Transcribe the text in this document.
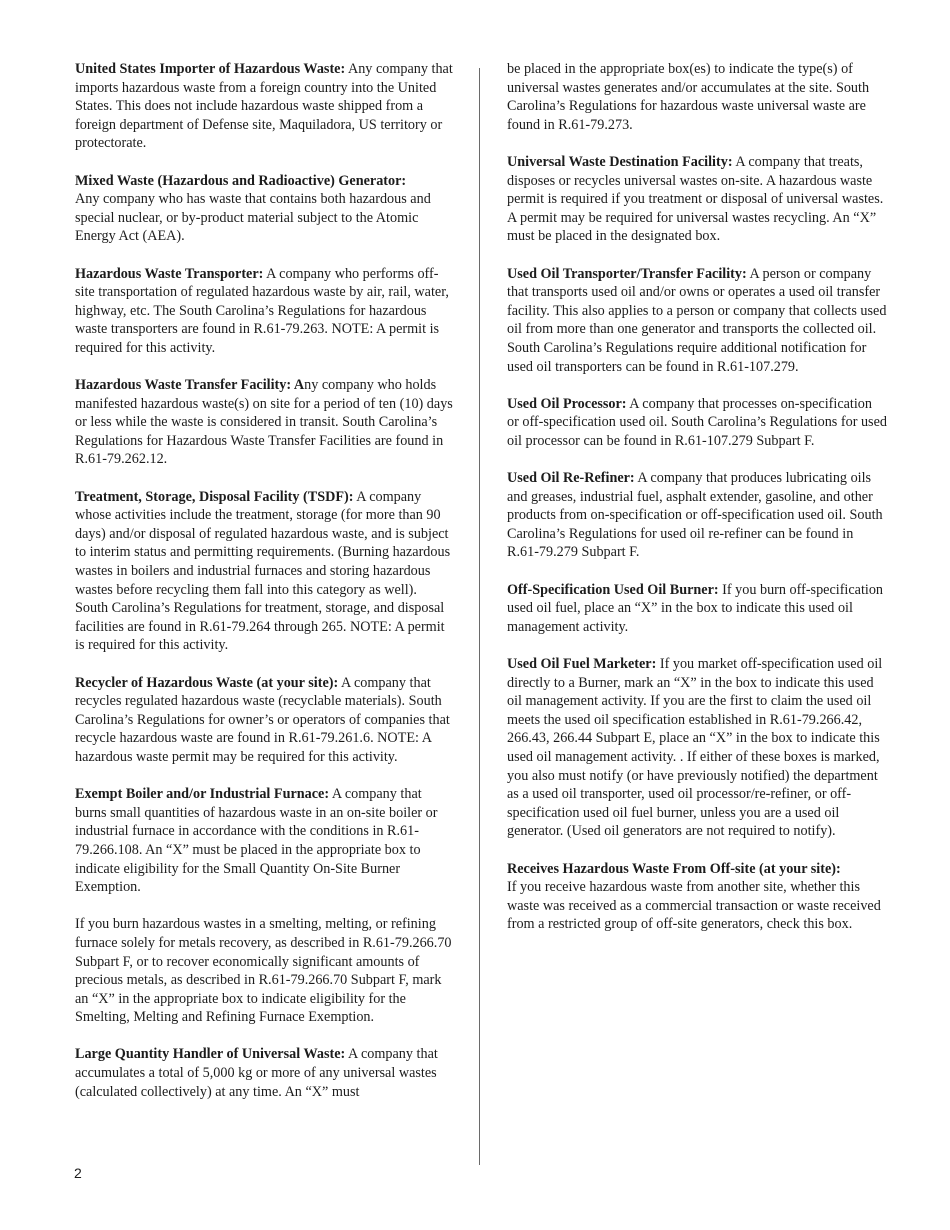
United States Importer of Hazardous Waste: Any company that imports hazardous waste from a foreign country into the United States. This does not include hazardous waste shipped from a foreign department of Defense site, Maquiladora, US territory or protectorate.

Mixed Waste (Hazardous and Radioactive) Generator:
Any company who has waste that contains both hazardous and special nuclear, or by-product material subject to the Atomic Energy Act (AEA).

Hazardous Waste Transporter: A company who performs off-site transportation of regulated hazardous waste by air, rail, water, highway, etc. The South Carolina’s Regulations for hazardous waste transporters are found in R.61-79.263. NOTE: A permit is required for this activity.

Hazardous Waste Transfer Facility: Any company who holds manifested hazardous waste(s) on site for a period of ten (10) days or less while the waste is considered in transit. South Carolina’s Regulations for Hazardous Waste Transfer Facilities are found in R.61-79.262.12.

Treatment, Storage, Disposal Facility (TSDF): A company whose activities include the treatment, storage (for more than 90 days) and/or disposal of regulated hazardous waste, and is subject to interim status and permitting requirements. (Burning hazardous wastes in boilers and industrial furnaces and storing hazardous wastes before recycling them fall into this category as well). South Carolina’s Regulations for treatment, storage, and disposal facilities are found in R.61-79.264 through 265. NOTE: A permit is required for this activity.

Recycler of Hazardous Waste (at your site): A company that recycles regulated hazardous waste (recyclable materials). South Carolina’s Regulations for owner’s or operators of companies that recycle hazardous waste are found in R.61-79.261.6. NOTE: A hazardous waste permit may be required for this activity.

Exempt Boiler and/or Industrial Furnace: A company that burns small quantities of hazardous waste in an on-site boiler or industrial furnace in accordance with the conditions in R.61-79.266.108. An “X” must be placed in the appropriate box to indicate eligibility for the Small Quantity On-Site Burner Exemption.

If you burn hazardous wastes in a smelting, melting, or refining furnace solely for metals recovery, as described in R.61-79.266.70 Subpart F, or to recover economically significant amounts of precious metals, as described in R.61-79.266.70 Subpart F, mark an “X” in the appropriate box to indicate eligibility for the Smelting, Melting and Refining Furnace Exemption.

Large Quantity Handler of Universal Waste: A company that accumulates a total of 5,000 kg or more of any universal wastes (calculated collectively) at any time. An “X” must

be placed in the appropriate box(es) to indicate the type(s) of universal wastes generates and/or accumulates at the site. South Carolina’s Regulations for hazardous waste universal waste are found in R.61-79.273.

Universal Waste Destination Facility: A company that treats, disposes or recycles universal wastes on-site. A hazardous waste permit is required if you treatment or disposal of universal wastes. A permit may be required for universal wastes recycling. An “X” must be placed in the designated box.

Used Oil Transporter/Transfer Facility: A person or company that transports used oil and/or owns or operates a used oil transfer facility. This also applies to a person or company that collects used oil from more than one generator and transports the collected oil. South Carolina’s Regulations require additional notification for used oil transporters can be found in R.61-107.279.

Used Oil Processor: A company that processes on-specification or off-specification used oil. South Carolina’s Regulations for used oil processor can be found in R.61-107.279 Subpart F.

Used Oil Re-Refiner: A company that produces lubricating oils and greases, industrial fuel, asphalt extender, gasoline, and other products from on-specification or off-specification used oil. South Carolina’s Regulations for used oil re-refiner can be found in R.61-79.279 Subpart F.

Off-Specification Used Oil Burner: If you burn off-specification used oil fuel, place an “X” in the box to indicate this used oil management activity.

Used Oil Fuel Marketer: If you market off-specification used oil directly to a Burner, mark an “X” in the box to indicate this used oil management activity. If you are the first to claim the used oil meets the used oil specification established in R.61-79.266.42, 266.43, 266.44 Subpart E, place an “X” in the box to indicate this used oil management activity. . If either of these boxes is marked, you also must notify (or have previously notified) the department as a used oil transporter, used oil processor/re-refiner, or off-specification used oil fuel burner, unless you are a used oil generator. (Used oil generators are not required to notify).

Receives Hazardous Waste From Off-site (at your site):
If you receive hazardous waste from another site, whether this waste was received as a commercial transaction or waste received from a restricted group of off-site generators, check this box.

2
